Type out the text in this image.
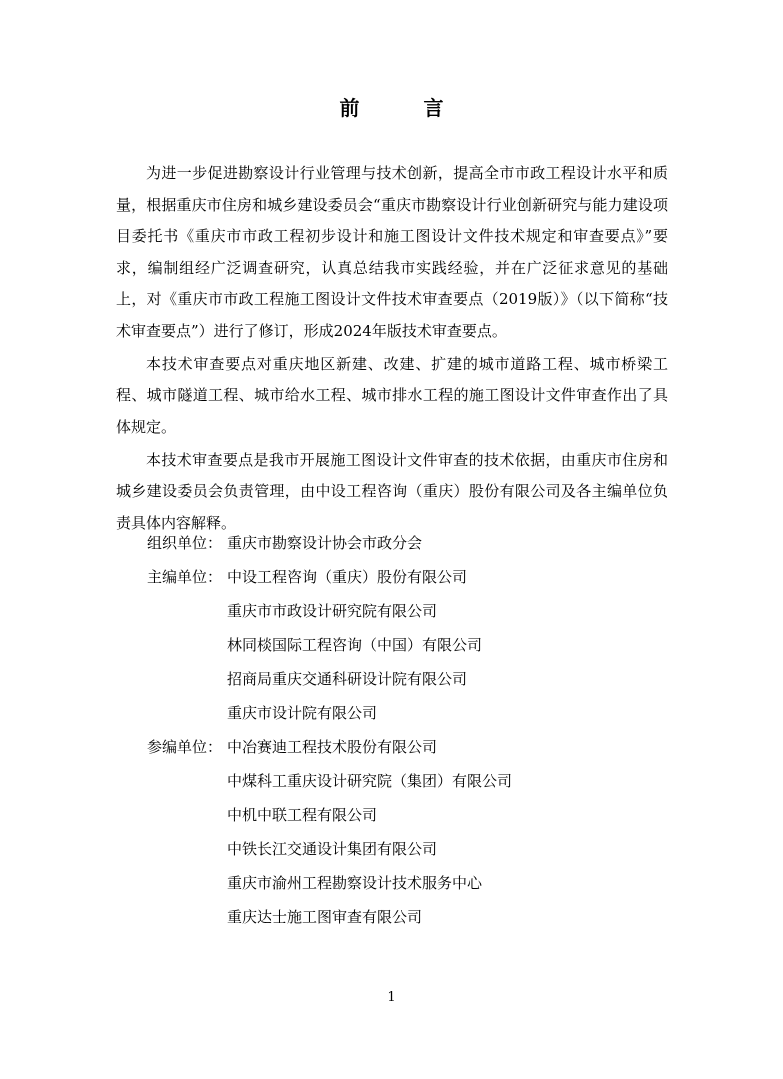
前　言

为进一步促进勘察设计行业管理与技术创新，提高全市市政工程设计水平和质量，根据重庆市住房和城乡建设委员会“重庆市勘察设计行业创新研究与能力建设项目委托书《重庆市市政工程初步设计和施工图设计文件技术规定和审查要点》”要求，编制组经广泛调查研究，认真总结我市实践经验，并在广泛征求意见的基础上，对《重庆市市政工程施工图设计文件技术审查要点（2019版）》（以下简称“技术审查要点”）进行了修订，形成2024年版技术审查要点。

本技术审查要点对重庆地区新建、改建、扩建的城市道路工程、城市桥梁工程、城市隧道工程、城市给水工程、城市排水工程的施工图设计文件审查作出了具体规定。

本技术审查要点是我市开展施工图设计文件审查的技术依据，由重庆市住房和城乡建设委员会负责管理，由中设工程咨询（重庆）股份有限公司及各主编单位负责具体内容解释。

组织单位： 重庆市勘察设计协会市政分会
主编单位： 中设工程咨询（重庆）股份有限公司
重庆市市政设计研究院有限公司
林同棪国际工程咨询（中国）有限公司
招商局重庆交通科研设计院有限公司
重庆市设计院有限公司
参编单位： 中冶赛迪工程技术股份有限公司
中煤科工重庆设计研究院（集团）有限公司
中机中联工程有限公司
中铁长江交通设计集团有限公司
重庆市渝州工程勘察设计技术服务中心
重庆达士施工图审查有限公司
1
